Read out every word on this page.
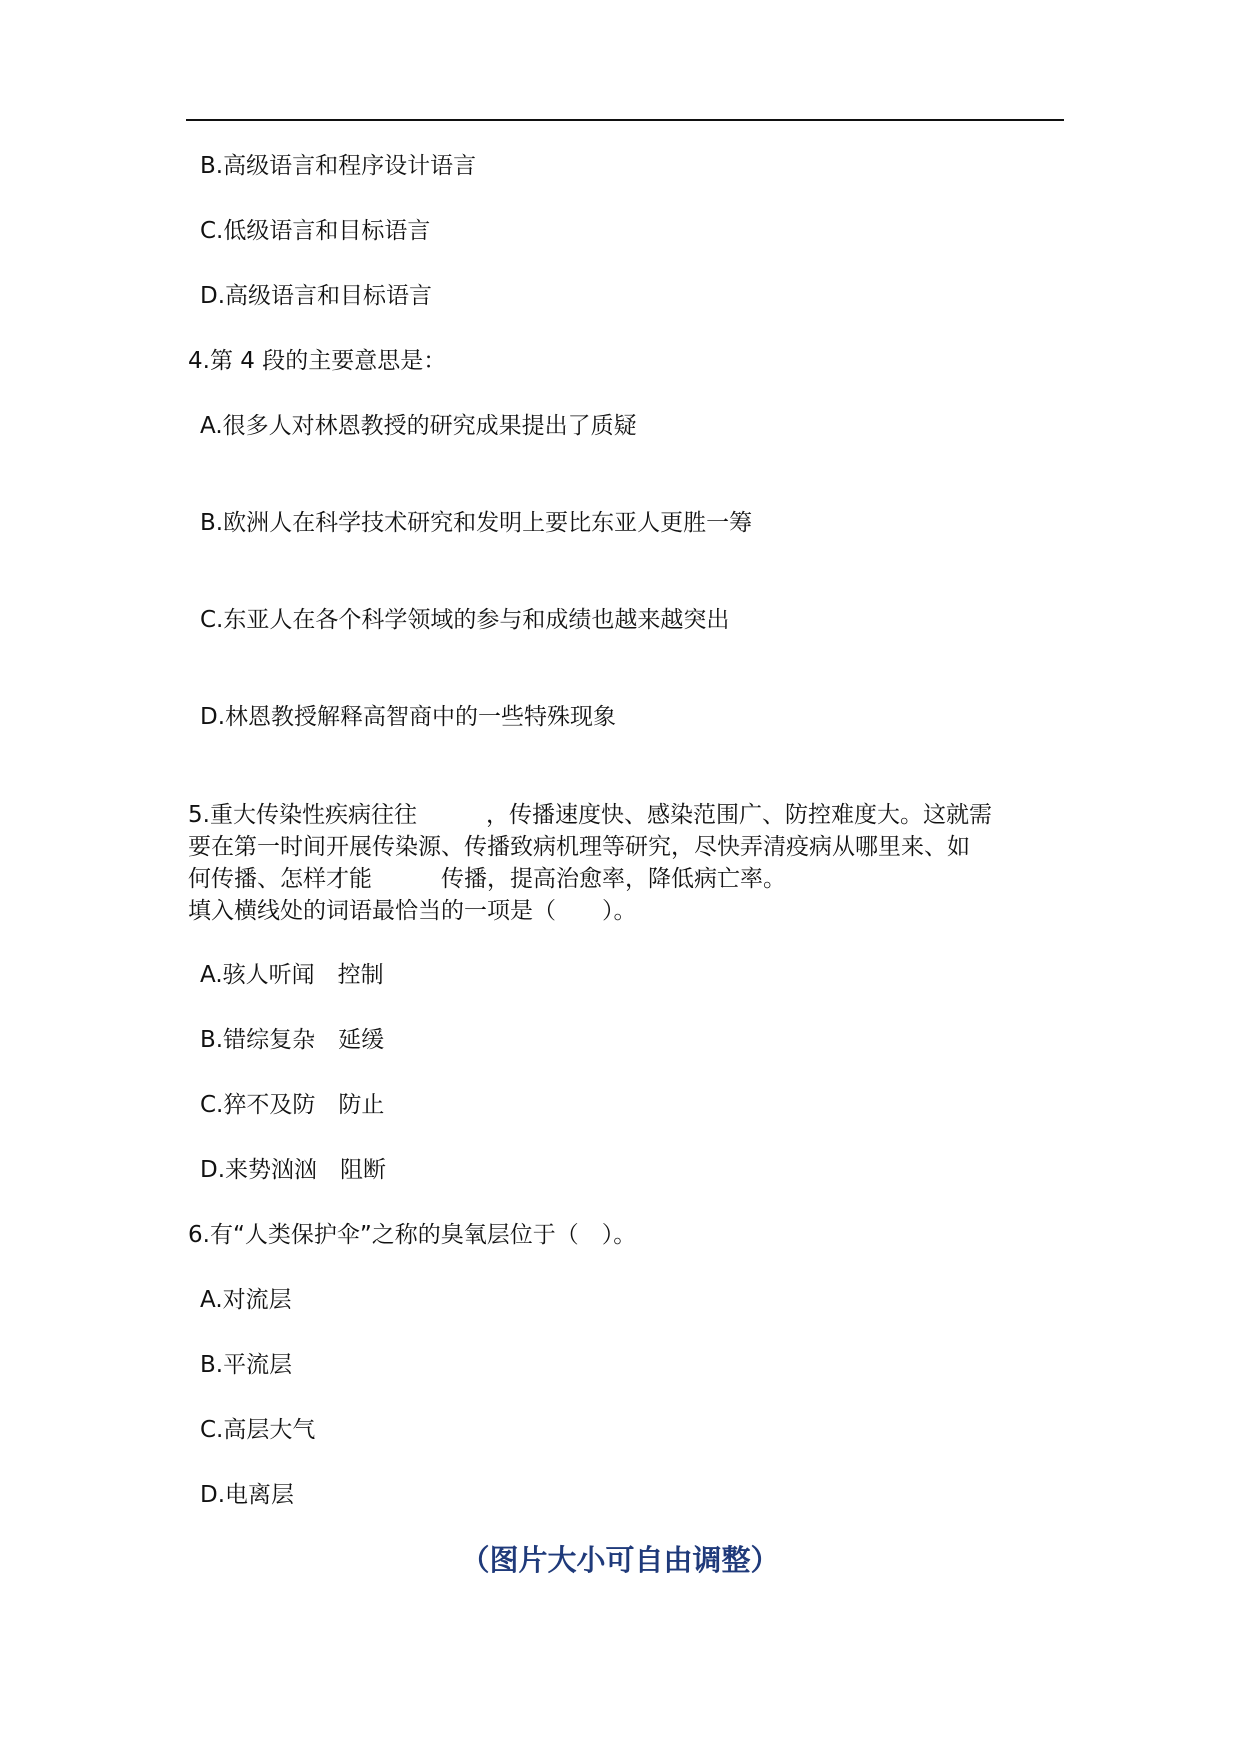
B.高级语言和程序设计语言
C.低级语言和目标语言
D.高级语言和目标语言
4.第 4 段的主要意思是：
A.很多人对林恩教授的研究成果提出了质疑
B.欧洲人在科学技术研究和发明上要比东亚人更胜一筹
C.东亚人在各个科学领域的参与和成绩也越来越突出
D.林恩教授解释高智商中的一些特殊现象
5.重大传染性疾病往往　　　，传播速度快、感染范围广、防控难度大。这就需
要在第一时间开展传染源、传播致病机理等研究，尽快弄清疫病从哪里来、如
何传播、怎样才能　　　传播，提高治愈率，降低病亡率。
填入横线处的词语最恰当的一项是（　　）。
A.骇人听闻　控制
B.错综复杂　延缓
C.猝不及防　防止
D.来势汹汹　阻断
6.有“人类保护伞”之称的臭氧层位于（　）。
A.对流层
B.平流层
C.高层大气
D.电离层
（图片大小可自由调整）
